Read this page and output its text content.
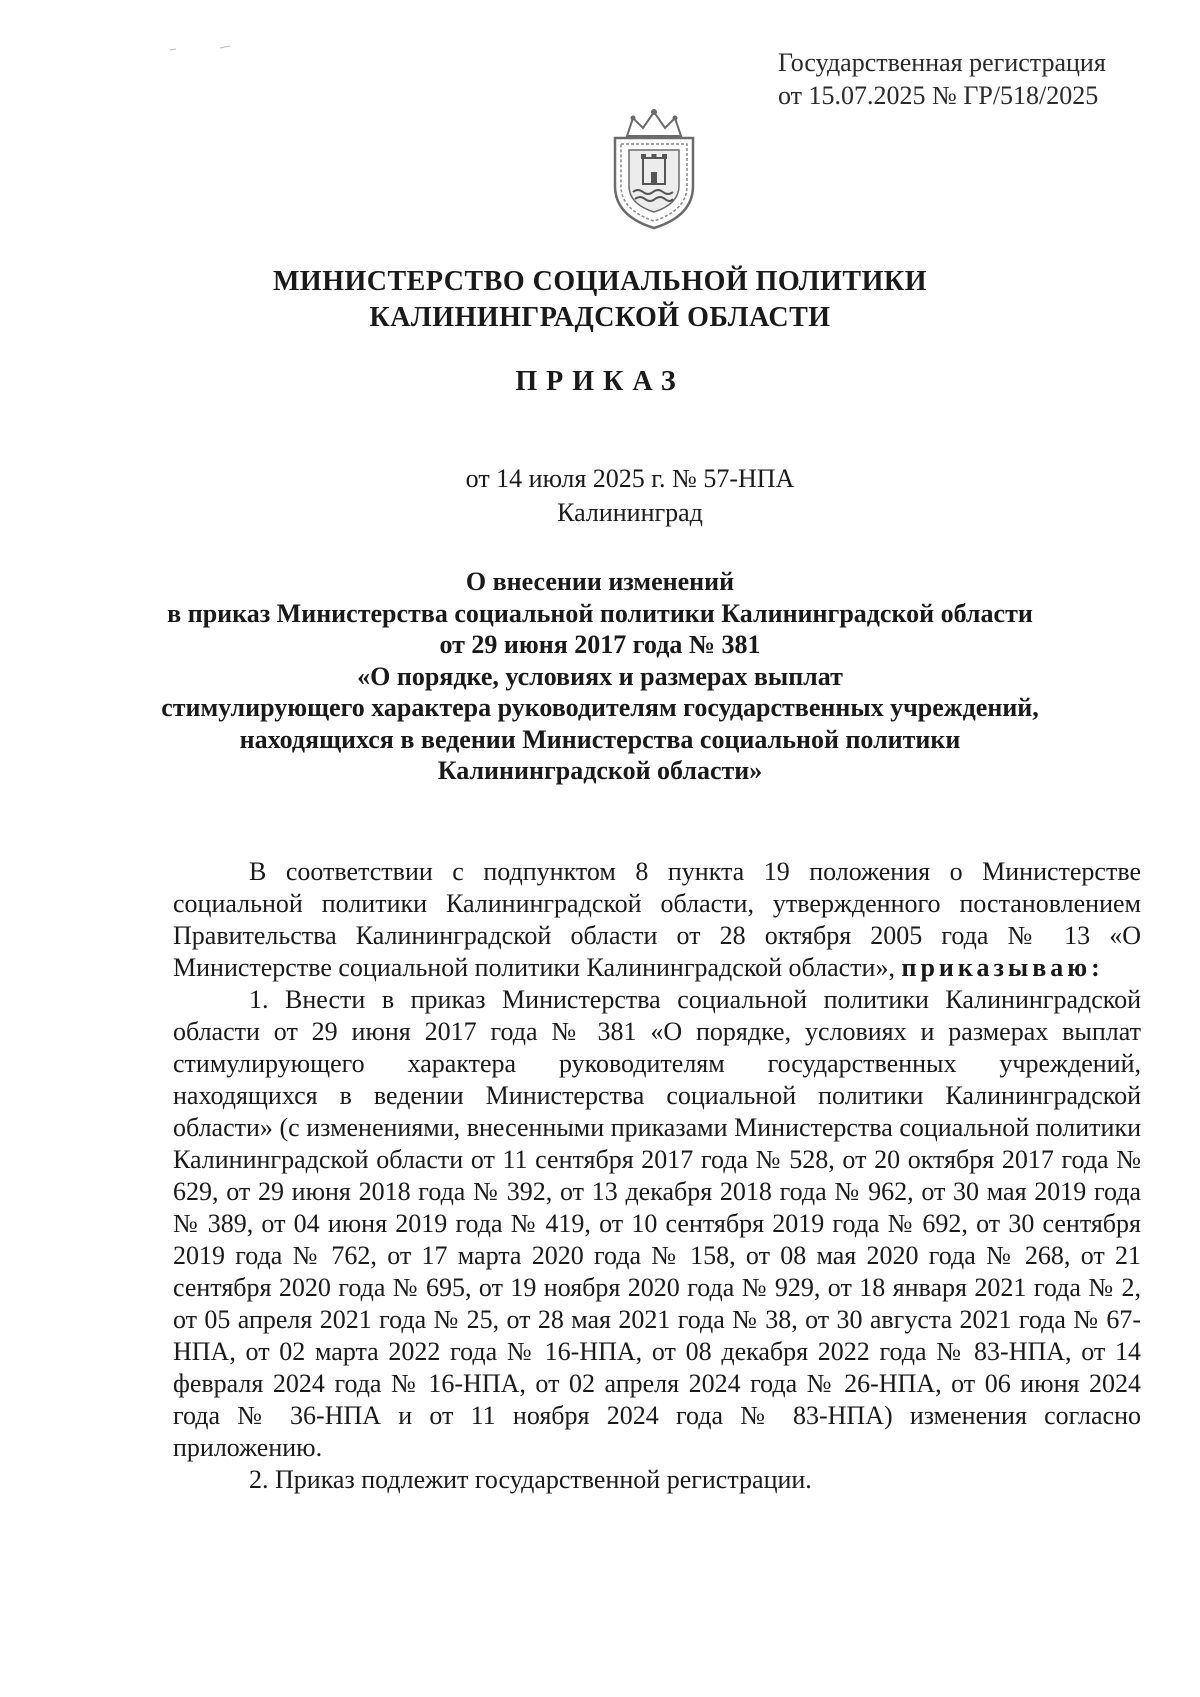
Государственная регистрация
от 15.07.2025 № ГР/518/2025
МИНИСТЕРСТВО СОЦИАЛЬНОЙ ПОЛИТИКИ
КАЛИНИНГРАДСКОЙ ОБЛАСТИ
ПРИКАЗ
от 14 июля 2025 г. № 57-НПА
Калининград
О внесении изменений
в приказ Министерства социальной политики Калининградской области
от 29 июня 2017 года № 381
«О порядке, условиях и размерах выплат
стимулирующего характера руководителям государственных учреждений,
находящихся в ведении Министерства социальной политики
Калининградской области»

В соответствии с подпунктом 8 пункта 19 положения о Министерстве социальной политики Калининградской области, утвержденного постановлением Правительства Калининградской области от 28 октября 2005 года № 13 «О Министерстве социальной политики Калининградской области», приказываю:

1. Внести в приказ Министерства социальной политики Калининградской области от 29 июня 2017 года № 381 «О порядке, условиях и размерах выплат стимулирующего характера руководителям государственных учреждений, находящихся в ведении Министерства социальной политики Калининградской области» (с изменениями, внесенными приказами Министерства социальной политики Калининградской области от 11 сентября 2017 года № 528, от 20 октября 2017 года № 629, от 29 июня 2018 года № 392, от 13 декабря 2018 года № 962, от 30 мая 2019 года № 389, от 04 июня 2019 года № 419, от 10 сентября 2019 года № 692, от 30 сентября 2019 года № 762, от 17 марта 2020 года № 158, от 08 мая 2020 года № 268, от 21 сентября 2020 года № 695, от 19 ноября 2020 года № 929, от 18 января 2021 года № 2, от 05 апреля 2021 года № 25, от 28 мая 2021 года № 38, от 30 августа 2021 года № 67-НПА, от 02 марта 2022 года № 16-НПА, от 08 декабря 2022 года № 83-НПА, от 14 февраля 2024 года № 16-НПА, от 02 апреля 2024 года № 26-НПА, от 06 июня 2024 года № 36-НПА и от 11 ноября 2024 года № 83-НПА) изменения согласно приложению.

2. Приказ подлежит государственной регистрации.
